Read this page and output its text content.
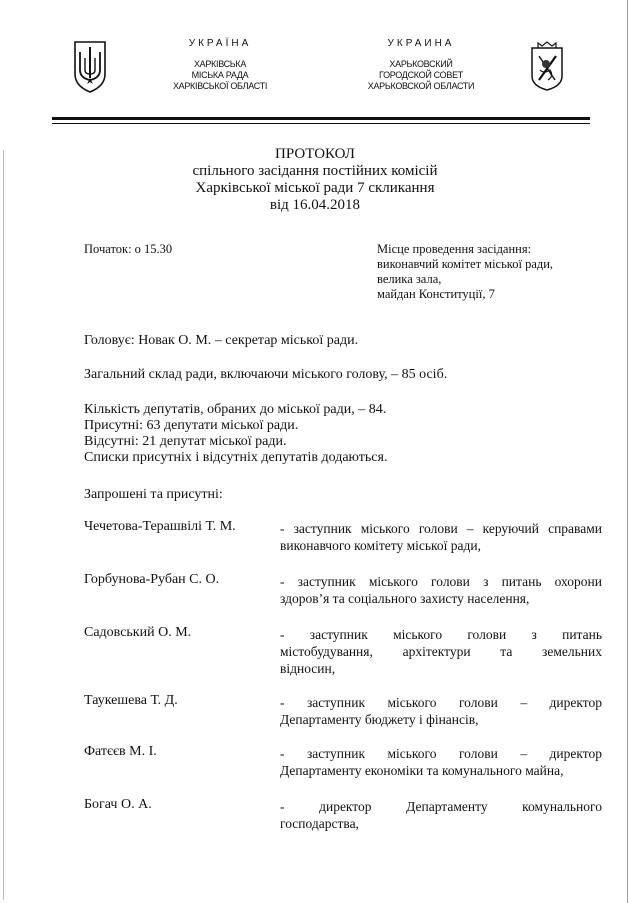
УКРАЇНА
ХАРКІВСЬКА
МІСЬКА РАДА
ХАРКІВСЬКОЇ ОБЛАСТІ
УКРАИНА
ХАРЬКОВСКИЙ
ГОРОДСКОЙ СОВЕТ
ХАРЬКОВСКОЙ ОБЛАСТИ
ПРОТОКОЛ
спільного засідання постійних комісій
Харківської міської ради 7 скликання
від 16.04.2018
Початок: о 15.30	Місце проведення засідання:
виконавчий комітет міської ради,
велика зала,
майдан Конституції, 7
Головує: Новак О. М. – секретар міської ради.
Загальний склад ради, включаючи міського голову, – 85 осіб.
Кількість депутатів, обраних до міської ради, – 84.
Присутні: 63 депутати міської ради.
Відсутні: 21 депутат міської ради.
Списки присутніх і відсутніх депутатів додаються.
Запрошені та присутні:
Чечетова-Терашвілі Т. М.	- заступник міського голови – керуючий справами
виконавчого комітету міської ради,
Горбунова-Рубан С. О.	- заступник міського голови з питань охорони
здоров’я та соціального захисту населення,
Садовський О. М.	- заступник міського голови з питань
містобудування, архітектури та земельних
відносин,
Таукешева Т. Д.	- заступник міського голови – директор
Департаменту бюджету і фінансів,
Фатєєв М. І.	- заступник міського голови – директор
Департаменту економіки та комунального майна,
Богач О. А.	- директор Департаменту комунального
господарства,
